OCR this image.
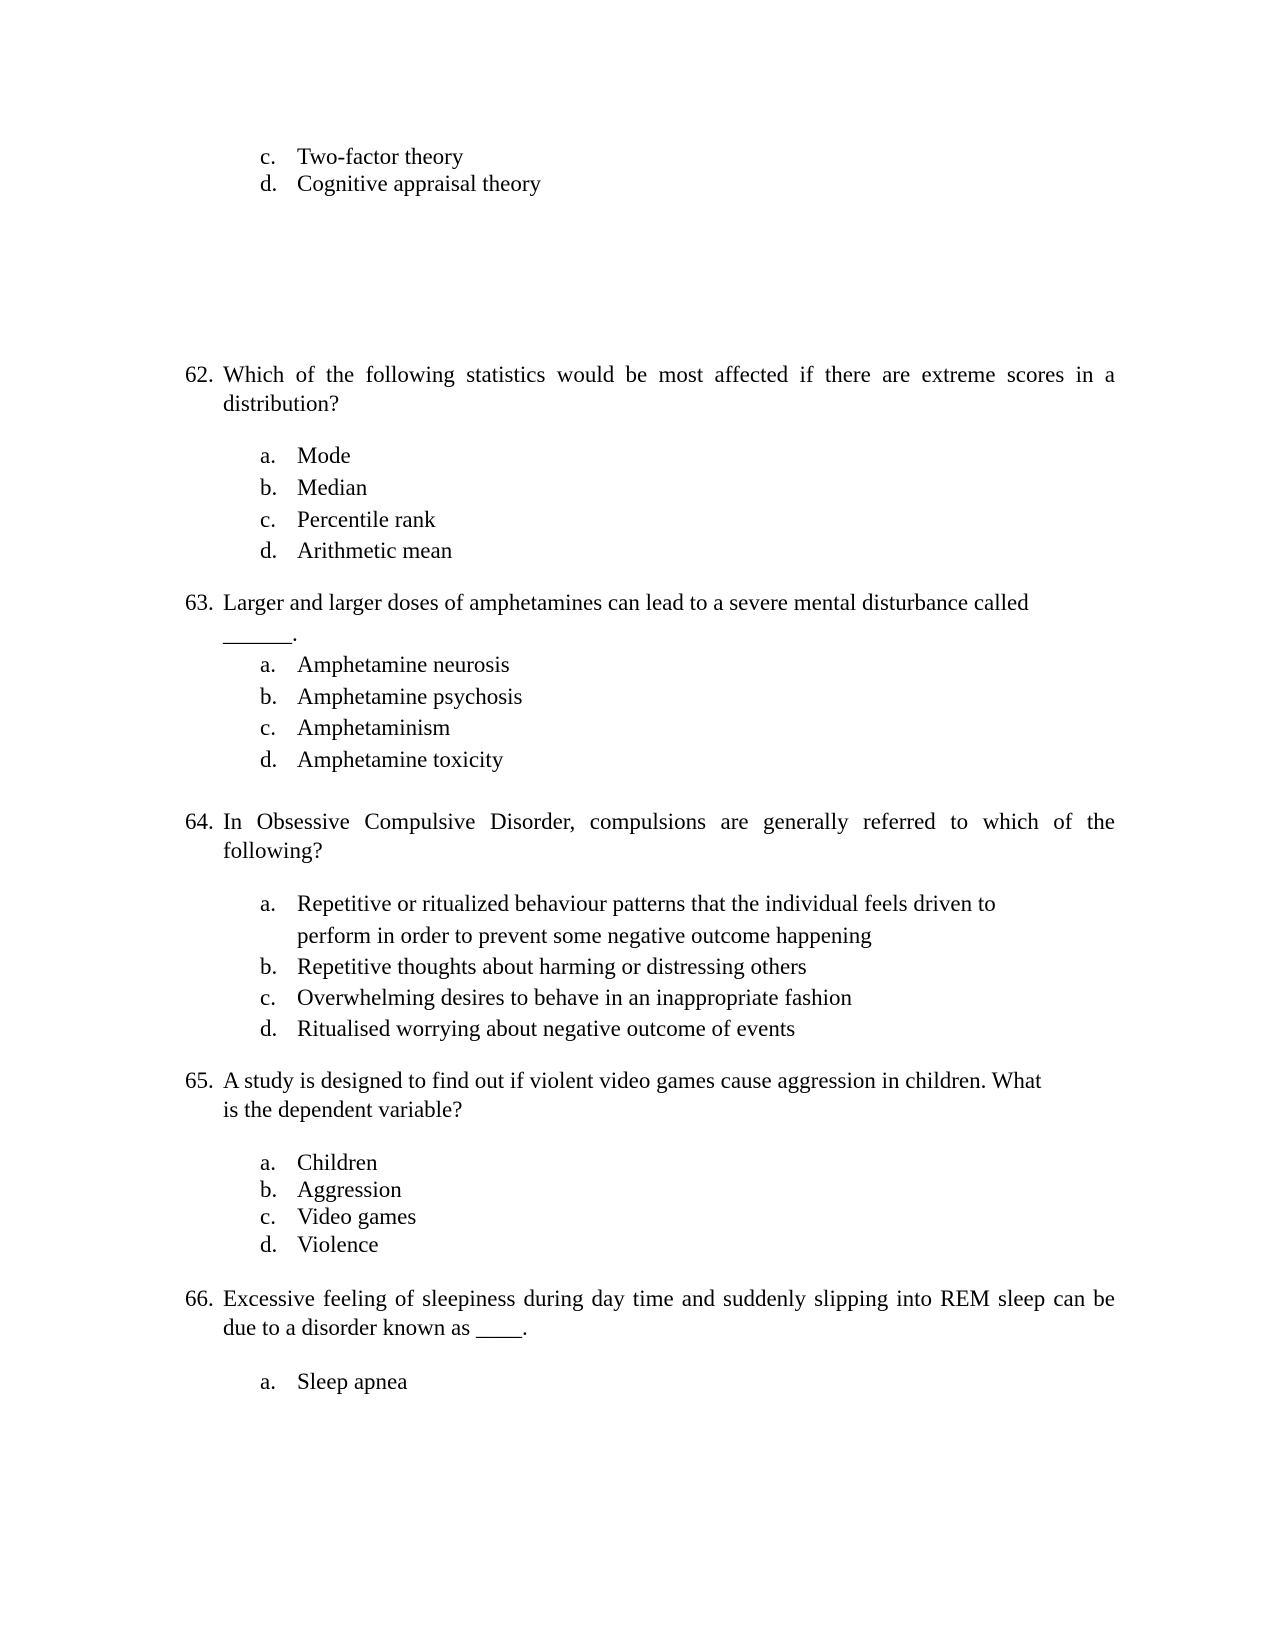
c. Two-factor theory
d. Cognitive appraisal theory
62. Which of the following statistics would be most affected if there are extreme scores in a distribution?
a. Mode
b. Median
c. Percentile rank
d. Arithmetic mean
63. Larger and larger doses of amphetamines can lead to a severe mental disturbance called
______.
a. Amphetamine neurosis
b. Amphetamine psychosis
c. Amphetaminism
d. Amphetamine toxicity
64. In Obsessive Compulsive Disorder, compulsions are generally referred to which of the following?
a. Repetitive or ritualized behaviour patterns that the individual feels driven to
perform in order to prevent some negative outcome happening
b. Repetitive thoughts about harming or distressing others
c. Overwhelming desires to behave in an inappropriate fashion
d. Ritualised worrying about negative outcome of events
65. A study is designed to find out if violent video games cause aggression in children. What
is the dependent variable?
a. Children
b. Aggression
c. Video games
d. Violence
66. Excessive feeling of sleepiness during day time and suddenly slipping into REM sleep can be due to a disorder known as ____.
a. Sleep apnea
